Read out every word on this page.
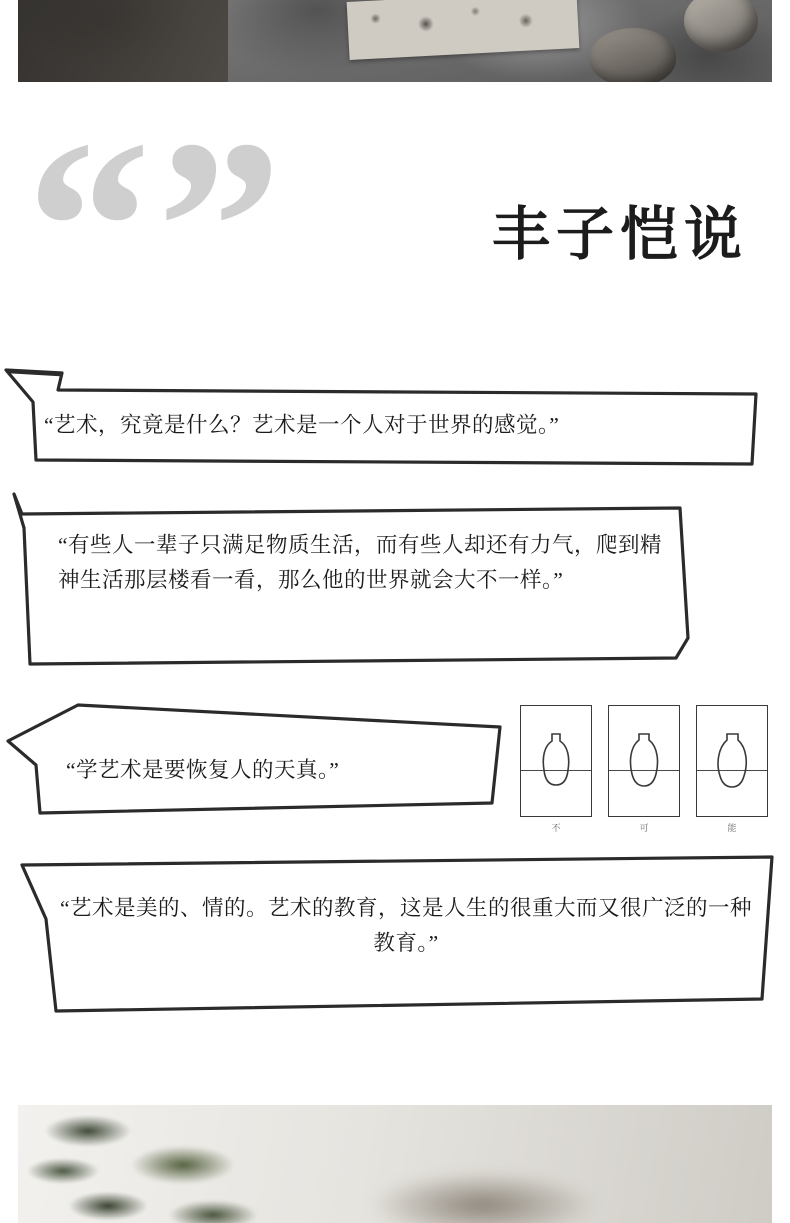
“”	丰子恺说
“艺术，究竟是什么？艺术是一个人对于世界的感觉。”
“有些人一辈子只满足物质生活，而有些人却还有力气，爬到精神生活那层楼看一看，那么他的世界就会大不一样。”
“学艺术是要恢复人的天真。”
“艺术是美的、情的。艺术的教育，这是人生的很重大而又很广泛的一种教育。”
不	可	能
